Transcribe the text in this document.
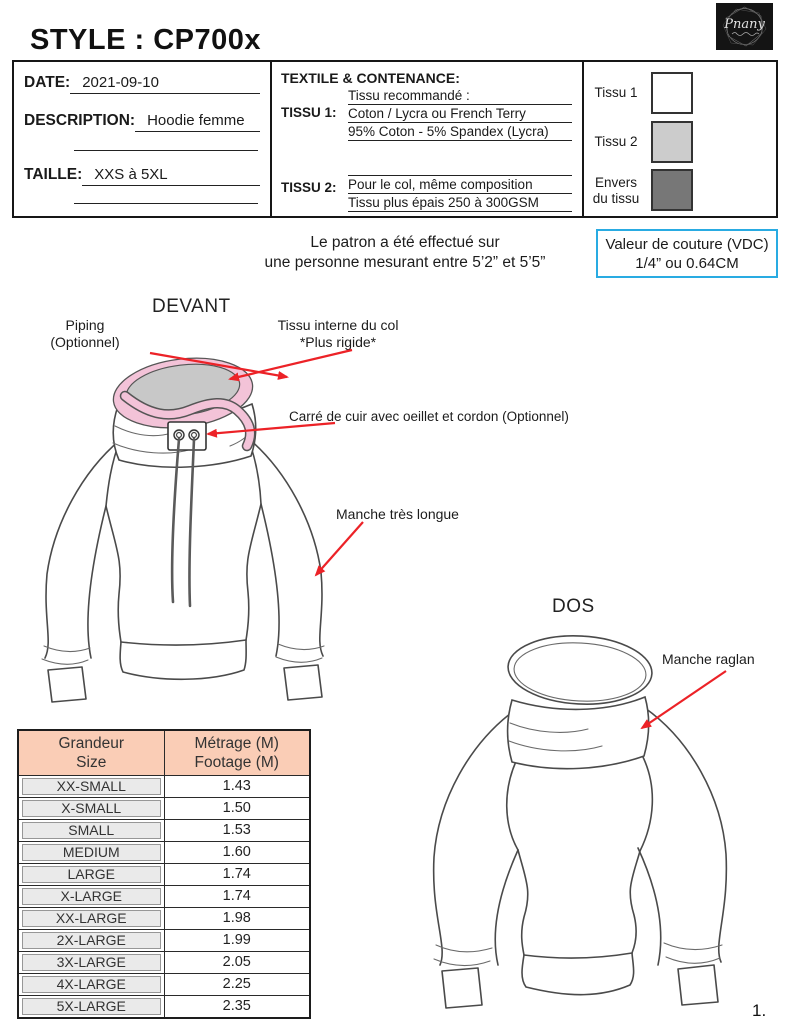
STYLE : CP700x	Pnany
DATE: 2021-09-10
DESCRIPTION: Hoodie femme
TAILLE: XXS à 5XL
TEXTILE & CONTENANCE:
TISSU 1:
Tissu recommandé :
Coton / Lycra ou French Terry
95% Coton - 5% Spandex (Lycra)
TISSU 2: Pour le col, même composition
Tissu plus épais 250 à 300GSM
Tissu 1
Tissu 2
Envers du tissu
Le patron a été effectué sur
une personne mesurant entre 5’2” et 5’5”
Valeur de couture (VDC)
1/4” ou 0.64CM
DEVANT
Piping
(Optionnel)
Tissu interne du col
*Plus rigide*
Carré de cuir avec oeillet et cordon (Optionnel)
Manche très longue
DOS
Manche raglan
Grandeur
Size

Métrage (M)
Footage (M)

XX-SMALL	1.43

X-SMALL	1.50

SMALL	1.53

MEDIUM	1.60

LARGE	1.74

X-LARGE	1.74

XX-LARGE	1.98

2X-LARGE	1.99

3X-LARGE	2.05

4X-LARGE	2.25

5X-LARGE	2.35	1.
